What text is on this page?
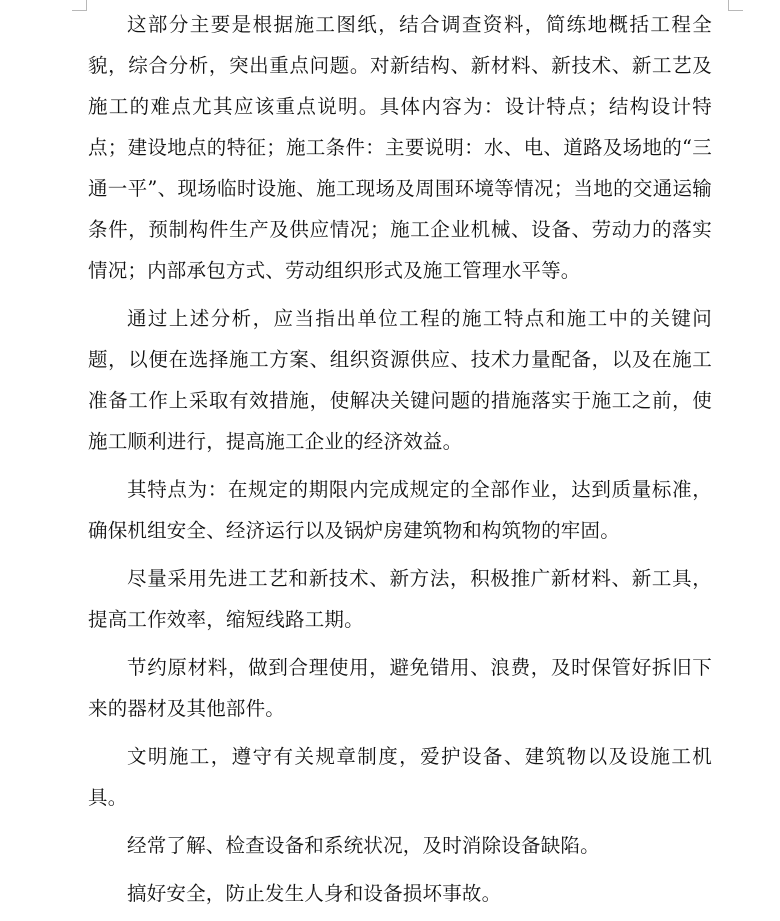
这部分主要是根据施工图纸，结合调查资料，简练地概括工程全貌，综合分析，突出重点问题。对新结构、新材料、新技术、新工艺及施工的难点尤其应该重点说明。具体内容为：设计特点；结构设计特点；建设地点的特征；施工条件：主要说明：水、电、道路及场地的“三通一平”、现场临时设施、施工现场及周围环境等情况；当地的交通运输条件，预制构件生产及供应情况；施工企业机械、设备、劳动力的落实情况；内部承包方式、劳动组织形式及施工管理水平等。

通过上述分析，应当指出单位工程的施工特点和施工中的关键问题，以便在选择施工方案、组织资源供应、技术力量配备，以及在施工准备工作上采取有效措施，使解决关键问题的措施落实于施工之前，使施工顺利进行，提高施工企业的经济效益。

其特点为：在规定的期限内完成规定的全部作业，达到质量标准，确保机组安全、经济运行以及锅炉房建筑物和构筑物的牢固。

尽量采用先进工艺和新技术、新方法，积极推广新材料、新工具，提高工作效率，缩短线路工期。

节约原材料，做到合理使用，避免错用、浪费，及时保管好拆旧下来的器材及其他部件。

文明施工，遵守有关规章制度，爱护设备、建筑物以及设施工机具。

经常了解、检查设备和系统状况，及时消除设备缺陷。

搞好安全，防止发生人身和设备损坏事故。
